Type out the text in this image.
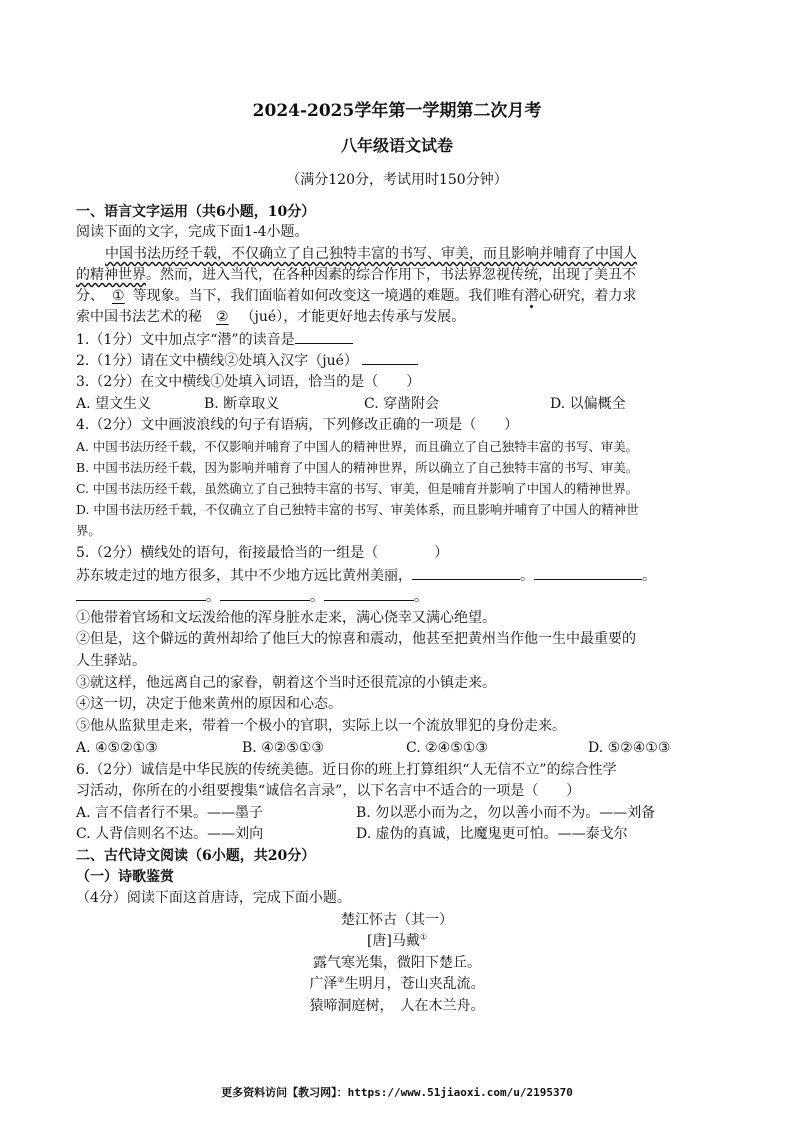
2024-2025学年第一学期第二次月考
八年级语文试卷
（满分120分，考试用时150分钟）
一、语言文字运用（共6小题，10分）
阅读下面的文字，完成下面1-4小题。
中国书法历经千载，不仅确立了自己独特丰富的书写、审美，而且影响并哺育了中国人
的精神世界。然而，进入当代，在各种因素的综合作用下，书法界忽视传统，出现了美丑不
分、 ① 等现象。当下，我们面临着如何改变这一境遇的难题。我们唯有潜心研究，着力求
索中国书法艺术的秘 ② （jué），才能更好地去传承与发展。
1.（1分）文中加点字“潜”的读音是
2.（1分）请在文中横线②处填入汉字（jué）
3.（2分）在文中横线①处填入词语，恰当的是（　　）
A. 望文生义	B. 断章取义	C. 穿凿附会	D. 以偏概全
4.（2分）文中画波浪线的句子有语病，下列修改正确的一项是（　　）
A. 中国书法历经千载，不仅影响并哺育了中国人的精神世界，而且确立了自己独特丰富的书写、审美。
B. 中国书法历经千载，因为影响并哺育了中国人的精神世界，所以确立了自己独特丰富的书写、审美。
C. 中国书法历经千载，虽然确立了自己独特丰富的书写、审美，但是哺育并影响了中国人的精神世界。
D. 中国书法历经千载，不仅确立了自己独特丰富的书写、审美体系，而且影响并哺育了中国人的精神世
界。
5.（2分）横线处的语句，衔接最恰当的一组是（　　　　）
苏东坡走过的地方很多，其中不少地方远比黄州美丽，	。	。
。	。	。
①他带着官场和文坛泼给他的浑身脏水走来，满心侥幸又满心绝望。
②但是，这个僻远的黄州却给了他巨大的惊喜和震动，他甚至把黄州当作他一生中最重要的
人生驿站。
③就这样，他远离自己的家眷，朝着这个当时还很荒凉的小镇走来。
④这一切，决定于他来黄州的原因和心态。
⑤他从监狱里走来，带着一个极小的官职，实际上以一个流放罪犯的身份走来。
A. ④⑤②①③	B. ④②⑤①③	C. ②④⑤①③	D. ⑤②④①③
6.（2分）诚信是中华民族的传统美德。近日你的班上打算组织“人无信不立”的综合性学
习活动，你所在的小组要搜集“诚信名言录”，以下名言中不适合的一项是（　　）
A. 言不信者行不果。——墨子	B. 勿以恶小而为之，勿以善小而不为。——刘备
C. 人背信则名不达。——刘向	D. 虚伪的真诚，比魔鬼更可怕。——泰戈尔
二、古代诗文阅读（6小题，共20分）
（一）诗歌鉴赏
（4分）阅读下面这首唐诗，完成下面小题。
楚江怀古（其一）
[唐]马戴①
露气寒光集，微阳下楚丘。
广泽②生明月，苍山夹乱流。
猿啼洞庭树，　人在木兰舟。
更多资料访问【教习网】：https://www.51jiaoxi.com/u/2195370
